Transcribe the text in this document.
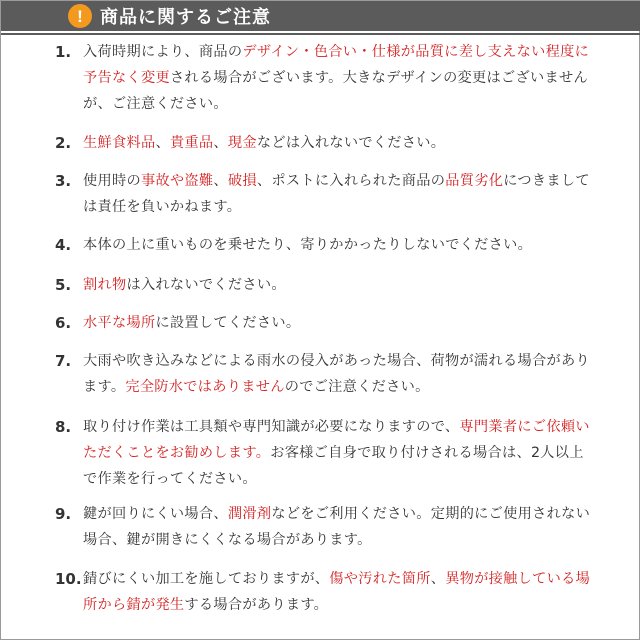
! 商品に関するご注意
1. 入荷時期により、商品のデザイン・色合い・仕様が品質に差し支えない程度に予告なく変更される場合がございます。大きなデザインの変更はございませんが、ご注意ください。
2. 生鮮食料品、貴重品、現金などは入れないでください。
3. 使用時の事故や盗難、破損、ポストに入れられた商品の品質劣化につきましては責任を負いかねます。
4. 本体の上に重いものを乗せたり、寄りかかったりしないでください。
5. 割れ物は入れないでください。
6. 水平な場所に設置してください。
7. 大雨や吹き込みなどによる雨水の侵入があった場合、荷物が濡れる場合があります。完全防水ではありませんのでご注意ください。
8. 取り付け作業は工具類や専門知識が必要になりますので、専門業者にご依頼いただくことをお勧めします。お客様ご自身で取り付けされる場合は、2人以上で作業を行ってください。
9. 鍵が回りにくい場合、潤滑剤などをご利用ください。定期的にご使用されない場合、鍵が開きにくくなる場合があります。
10. 錆びにくい加工を施しておりますが、傷や汚れた箇所、異物が接触している場所から錆が発生する場合があります。
